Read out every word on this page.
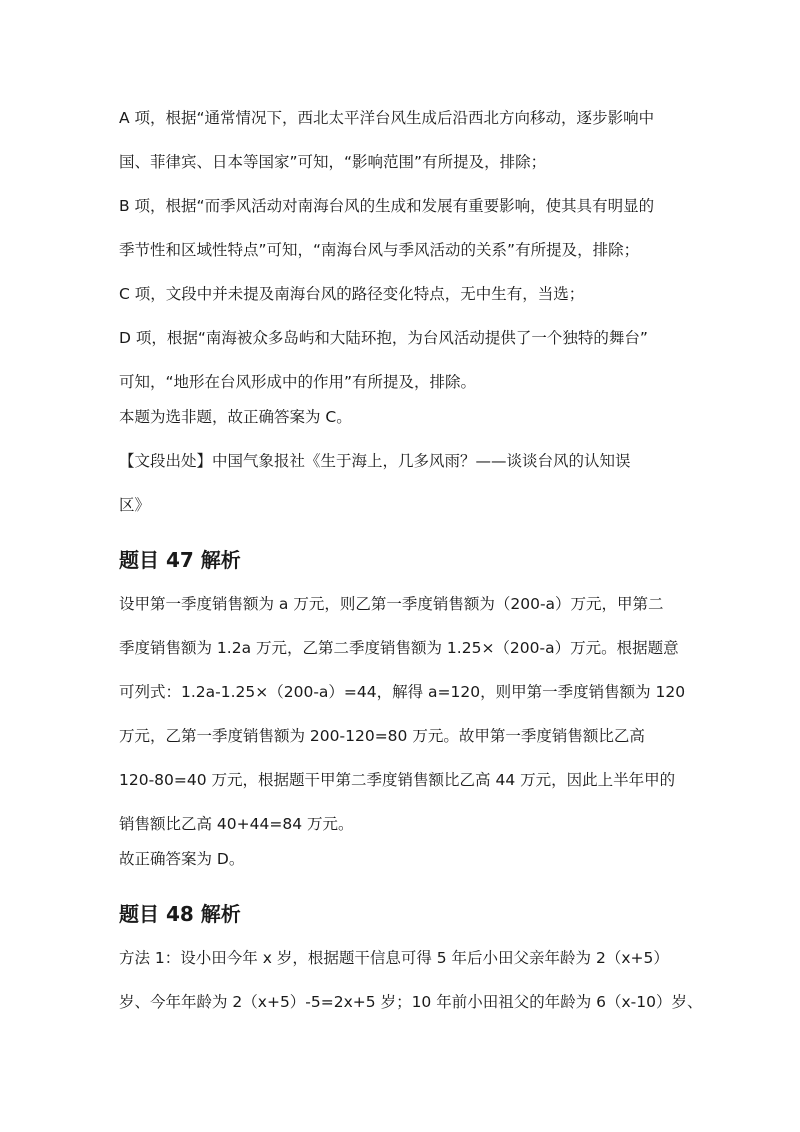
A 项，根据“通常情况下，西北太平洋台风生成后沿西北方向移动，逐步影响中
国、菲律宾、日本等国家”可知，“影响范围”有所提及，排除；
B 项，根据“而季风活动对南海台风的生成和发展有重要影响，使其具有明显的
季节性和区域性特点”可知，“南海台风与季风活动的关系”有所提及，排除；
C 项，文段中并未提及南海台风的路径变化特点，无中生有，当选；
D 项，根据“南海被众多岛屿和大陆环抱，为台风活动提供了一个独特的舞台”
可知，“地形在台风形成中的作用”有所提及，排除。
本题为选非题，故正确答案为 C。
【文段出处】中国气象报社《生于海上，几多风雨？——谈谈台风的认知误
区》
题目 47 解析
设甲第一季度销售额为 a 万元，则乙第一季度销售额为（200-a）万元，甲第二
季度销售额为 1.2a 万元，乙第二季度销售额为 1.25×（200-a）万元。根据题意
可列式：1.2a-1.25×（200-a）=44，解得 a=120，则甲第一季度销售额为 120
万元，乙第一季度销售额为 200-120=80 万元。故甲第一季度销售额比乙高
120-80=40 万元，根据题干甲第二季度销售额比乙高 44 万元，因此上半年甲的
销售额比乙高 40+44=84 万元。
故正确答案为 D。
题目 48 解析
方法 1：设小田今年 x 岁，根据题干信息可得 5 年后小田父亲年龄为 2（x+5）
岁、今年年龄为 2（x+5）-5=2x+5 岁；10 年前小田祖父的年龄为 6（x-10）岁、
